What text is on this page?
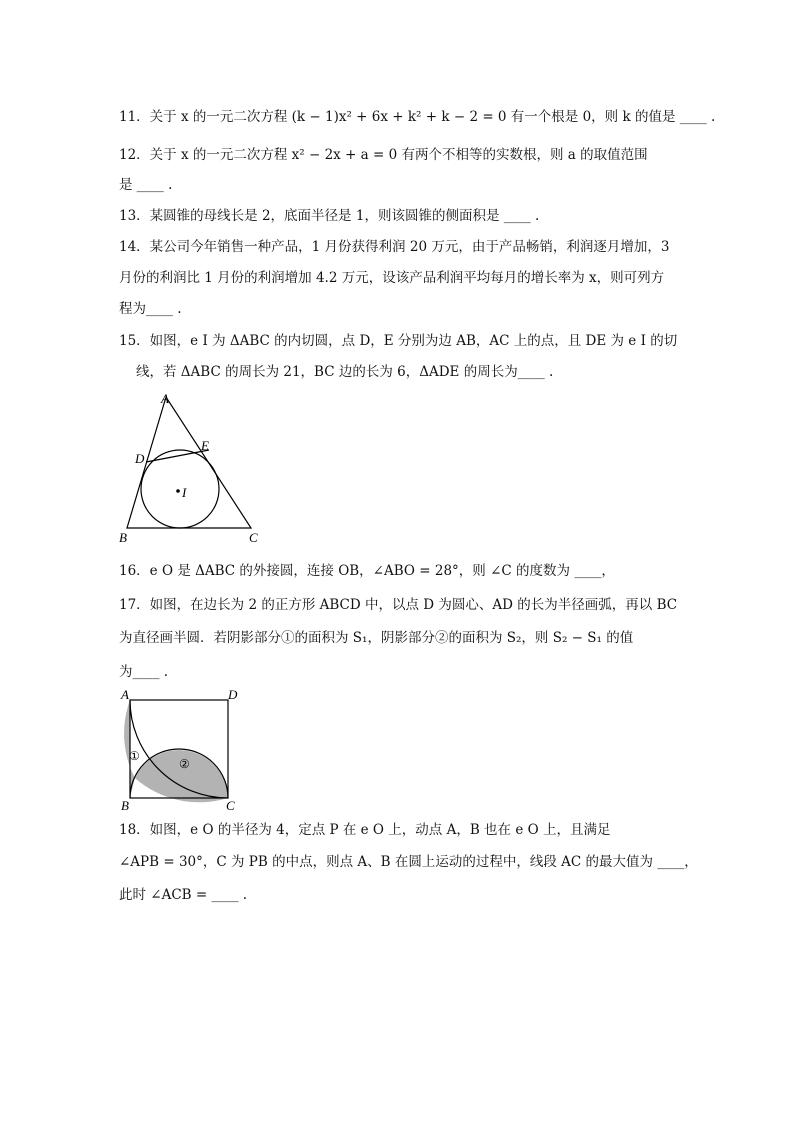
11．关于 x 的一元二次方程 (k − 1)x² + 6x + k² + k − 2 = 0 有一个根是 0，则 k 的值是 ____ .
12．关于 x 的一元二次方程 x² − 2x + a = 0 有两个不相等的实数根，则 a 的取值范围
是 ____ .
13．某圆锥的母线长是 2，底面半径是 1，则该圆锥的侧面积是 ____ .
14．某公司今年销售一种产品，1 月份获得利润 20 万元，由于产品畅销，利润逐月增加，3
月份的利润比 1 月份的利润增加 4.2 万元，设该产品利润平均每月的增长率为 x，则可列方
程为____ .
15．如图，e I 为 ΔABC 的内切圆，点 D，E 分别为边 AB，AC 上的点，且 DE 为 e I 的切
线，若 ΔABC 的周长为 21，BC 边的长为 6，ΔADE 的周长为____ .
A
B	C
D
E
I
16．e O 是 ΔABC 的外接圆，连接 OB，∠ABO = 28°，则 ∠C 的度数为 ____，
17．如图，在边长为 2 的正方形 ABCD 中，以点 D 为圆心、AD 的长为半径画弧，再以 BC
为直径画半圆．若阴影部分①的面积为 S₁，阴影部分②的面积为 S₂，则 S₂ − S₁ 的值
为____ .
A	D
B	C
①
②
18．如图，e O 的半径为 4，定点 P 在 e O 上，动点 A，B 也在 e O 上，且满足
∠APB = 30°，C 为 PB 的中点，则点 A、B 在圆上运动的过程中，线段 AC 的最大值为 ____，
此时 ∠ACB = ____ .
